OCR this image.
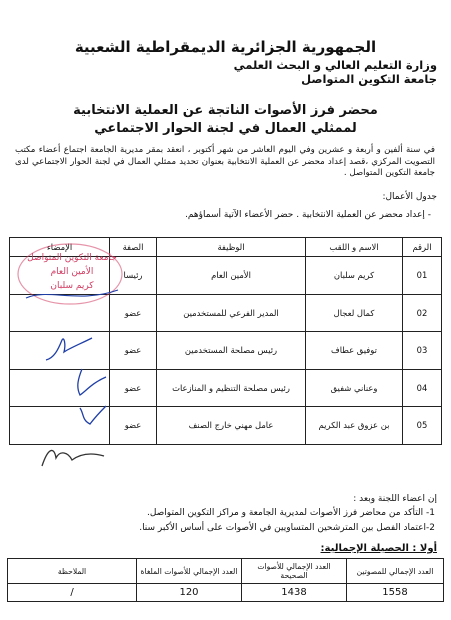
الجمهورية الجزائرية الديمقراطية الشعبية
وزارة التعليم العالي و البحث العلمي
جامعة التكوين المتواصل
محضر فرز الأصوات الناتجة عن العملية الانتخابية
لممثلي العمال في لجنة الحوار الاجتماعي
في سنة ألفين و أربعة و عشرين وفي اليوم العاشر من شهر أكتوبر ، انعقد بمقر مديرية الجامعة اجتماع أعضاء مكتب التصويت المركزي ،قصد إعداد محضر عن العملية الانتخابية بعنوان تحديد ممثلي العمال في لجنة الحوار الاجتماعي لدى جامعة التكوين المتواصل .
جدول الأعمال:
- إعداد محضر عن العملية الانتخابية . حضر الأعضاء الآتية أسماؤهم.
الرقم	الاسم و اللقب	الوظيفة	الصفة	الإمضاء
01	كريم سلبان	الأمين العام	رئيسا	
02	كمال لعجال	المدير الفرعي للمستخدمين	عضو	
03	توفيق عطاف	رئيس مصلحة المستخدمين	عضو	
04	وعناني شفيق	رئيس مصلحة التنظيم و المنازعات	عضو	
05	بن عزوق عبد الكريم	عامل مهني خارج الصنف	عضو	
جامعة التكوين المتواصل
الأمين العام
كريم سلبان
إن اعضاء اللجنة وبعد :
1- التأكد من محاضر فرز الأصوات لمديرية الجامعة و مراكز التكوين المتواصل.
2-اعتماد الفصل بين المترشحين المتساويين في الأصوات على أساس الأكبر سنا.
أولا : الحصيلة الإجمالية:
العدد الإجمالي للمصوتين	العدد الإجمالي للأصوات الصحيحة	العدد الإجمالي للأصوات الملغاة	الملاحظة
1558	1438	120	/
